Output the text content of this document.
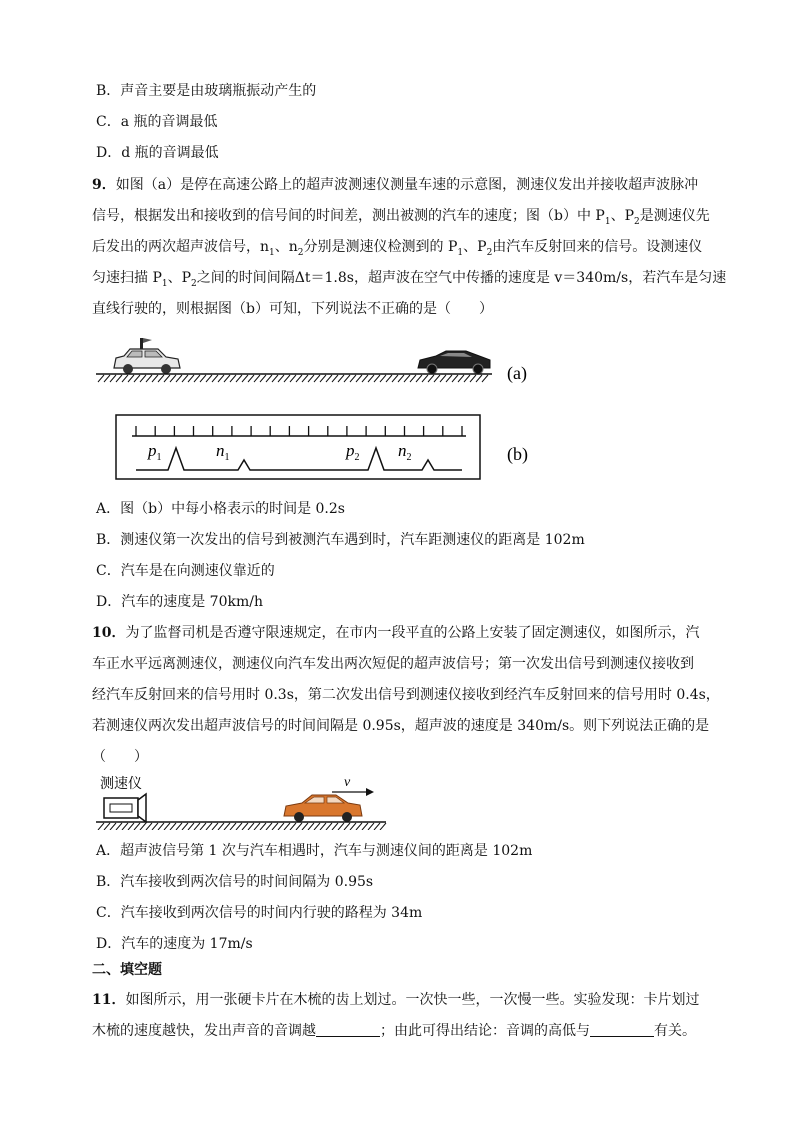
B．声音主要是由玻璃瓶振动产生的
C．a 瓶的音调最低
D．d 瓶的音调最低
9．如图（a）是停在高速公路上的超声波测速仪测量车速的示意图，测速仪发出并接收超声波脉冲
信号，根据发出和接收到的信号间的时间差，测出被测的汽车的速度；图（b）中 $P_1$、$P_2$是测速仪先
后发出的两次超声波信号，$n_1$、$n_2$分别是测速仪检测到的 $P_1$、$P_2$由汽车反射回来的信号。设测速仪
匀速扫描 $P_1$、$P_2$之间的时间间隔Δt＝1.8s，超声波在空气中传播的速度是 v＝340m/s，若汽车是匀速
直线行驶的，则根据图（b）可知，下列说法不正确的是（　　）
(a)
$p_1$	$n_1$	$p_2$ $n_2$	(b)
A．图（b）中每小格表示的时间是 0.2s
B．测速仪第一次发出的信号到被测汽车遇到时，汽车距测速仪的距离是 102m
C．汽车是在向测速仪靠近的
D．汽车的速度是 70km/h
10．为了监督司机是否遵守限速规定，在市内一段平直的公路上安装了固定测速仪，如图所示，汽
车正水平远离测速仪，测速仪向汽车发出两次短促的超声波信号；第一次发出信号到测速仪接收到
经汽车反射回来的信号用时 0.3s，第二次发出信号到测速仪接收到经汽车反射回来的信号用时 0.4s，
若测速仪两次发出超声波信号的时间间隔是 0.95s，超声波的速度是 340m/s。则下列说法正确的是
（　　）
测速仪	v
A．超声波信号第 1 次与汽车相遇时，汽车与测速仪间的距离是 102m
B．汽车接收到两次信号的时间间隔为 0.95s
C．汽车接收到两次信号的时间内行驶的路程为 34m
D．汽车的速度为 17m/s
二、填空题
11．如图所示，用一张硬卡片在木梳的齿上划过。一次快一些，一次慢一些。实验发现：卡片划过
木梳的速度越快，发出声音的音调越	；由此可得出结论：音调的高低与	有关。
